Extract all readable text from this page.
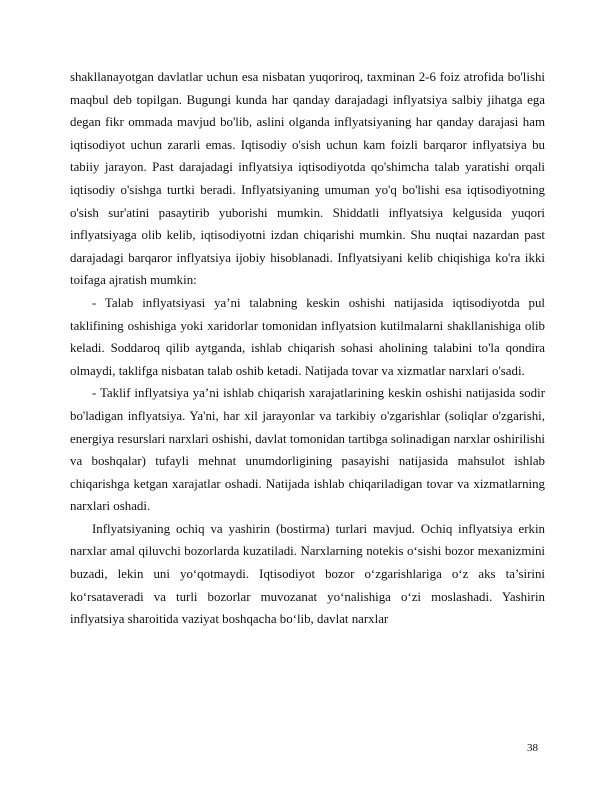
shakllanayotgan davlatlar uchun esa nisbatan yuqoriroq, taxminan 2-6 foiz atrofida bo'lishi maqbul deb topilgan. Bugungi kunda har qanday darajadagi inflyatsiya salbiy jihatga ega degan fikr ommada mavjud bo'lib, aslini olganda inflyatsiyaning har qanday darajasi ham iqtisodiyot uchun zararli emas. Iqtisodiy o'sish uchun kam foizli barqaror inflyatsiya bu tabiiy jarayon. Past darajadagi inflyatsiya iqtisodiyotda qo'shimcha talab yaratishi orqali iqtisodiy o'sishga turtki beradi. Inflyatsiyaning umuman yo'q bo'lishi esa iqtisodiyotning o'sish sur'atini pasaytirib yuborishi mumkin. Shiddatli inflyatsiya kelgusida yuqori inflyatsiyaga olib kelib, iqtisodiyotni izdan chiqarishi mumkin. Shu nuqtai nazardan past darajadagi barqaror inflyatsiya ijobiy hisoblanadi. Inflyatsiyani kelib chiqishiga ko'ra ikki toifaga ajratish mumkin:

- Talab inflyatsiyasi ya’ni talabning keskin oshishi natijasida iqtisodiyotda pul taklifining oshishiga yoki xaridorlar tomonidan inflyatsion kutilmalarni shakllanishiga olib keladi. Soddaroq qilib aytganda, ishlab chiqarish sohasi aholining talabini to'la qondira olmaydi, taklifga nisbatan talab oshib ketadi. Natijada tovar va xizmatlar narxlari o'sadi.

- Taklif inflyatsiya ya’ni ishlab chiqarish xarajatlarining keskin oshishi natijasida sodir bo'ladigan inflyatsiya. Ya'ni, har xil jarayonlar va tarkibiy o'zgarishlar (soliqlar o'zgarishi, energiya resurslari narxlari oshishi, davlat tomonidan tartibga solinadigan narxlar oshirilishi va boshqalar) tufayli mehnat unumdorligining pasayishi natijasida mahsulot ishlab chiqarishga ketgan xarajatlar oshadi. Natijada ishlab chiqariladigan tovar va xizmatlarning narxlari oshadi.

Inflyatsiyaning ochiq va yashirin (bostirma) turlari mavjud. Ochiq inflyatsiya erkin narxlar amal qiluvchi bozorlarda kuzatiladi. Narxlarning notekis o‘sishi bozor mexanizmini buzadi, lekin uni yo‘qotmaydi. Iqtisodiyot bozor o‘zgarishlariga o‘z aks ta’sirini ko‘rsataveradi va turli bozorlar muvozanat yo‘nalishiga o‘zi moslashadi. Yashirin inflyatsiya sharoitida vaziyat boshqacha bo‘lib, davlat narxlar

38
